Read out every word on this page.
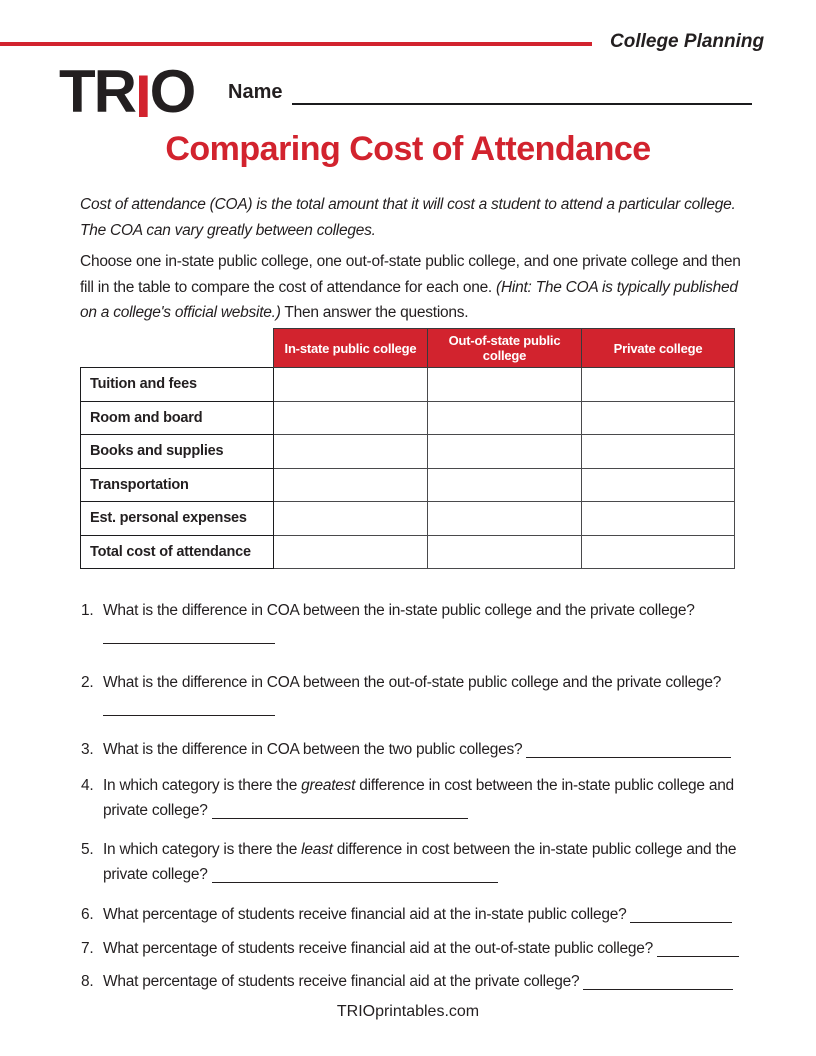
College Planning
TRIO Name
Comparing Cost of Attendance

Cost of attendance (COA) is the total amount that it will cost a student to attend a particular college. The COA can vary greatly between colleges.

Choose one in-state public college, one out-of-state public college, and one private college and then fill in the table to compare the cost of attendance for each one. (Hint: The COA is typically published on a college's official website.) Then answer the questions.

	In-state public college	Out-of-state public college	Private college
Tuition and fees			
Room and board			
Books and supplies			
Transportation			
Est. personal expenses			
Total cost of attendance			
1. What is the difference in COA between the in-state public college and the private college?
2. What is the difference in COA between the out-of-state public college and the private college?
3. What is the difference in COA between the two public colleges?
4. In which category is there the greatest difference in cost between the in-state public college and private college?
5. In which category is there the least difference in cost between the in-state public college and the private college?
6. What percentage of students receive financial aid at the in-state public college?
7. What percentage of students receive financial aid at the out-of-state public college?
8. What percentage of students receive financial aid at the private college?
TRIOprintables.com
